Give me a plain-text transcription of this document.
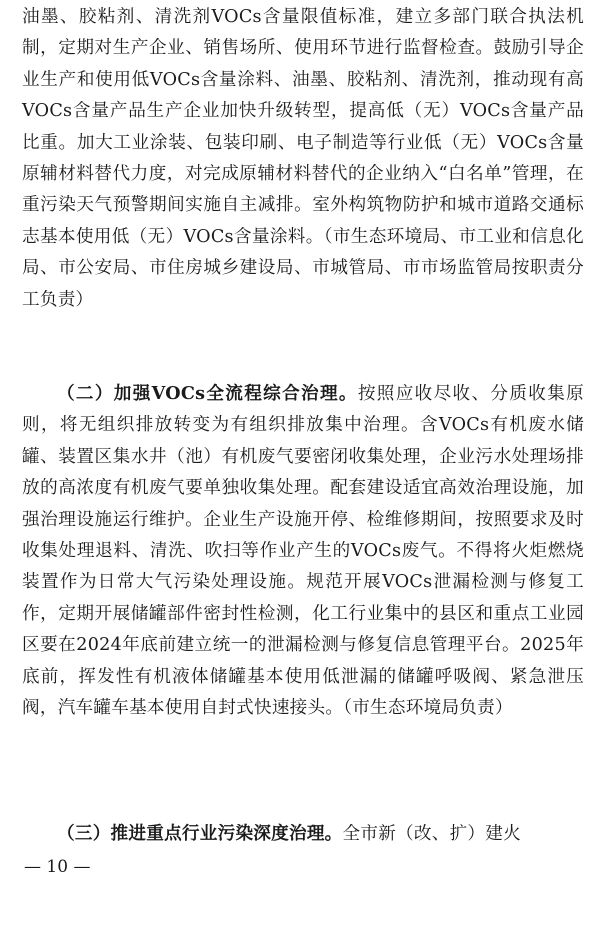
油墨、胶粘剂、清洗剂VOCs含量限值标准，建立多部门联合执法机制，定期对生产企业、销售场所、使用环节进行监督检查。鼓励引导企业生产和使用低VOCs含量涂料、油墨、胶粘剂、清洗剂，推动现有高VOCs含量产品生产企业加快升级转型，提高低（无）VOCs含量产品比重。加大工业涂装、包装印刷、电子制造等行业低（无）VOCs含量原辅材料替代力度，对完成原辅材料替代的企业纳入“白名单”管理，在重污染天气预警期间实施自主减排。室外构筑物防护和城市道路交通标志基本使用低（无）VOCs含量涂料。（市生态环境局、市工业和信息化局、市公安局、市住房城乡建设局、市城管局、市市场监管局按职责分工负责）

（二）加强VOCs全流程综合治理。按照应收尽收、分质收集原则，将无组织排放转变为有组织排放集中治理。含VOCs有机废水储罐、装置区集水井（池）有机废气要密闭收集处理，企业污水处理场排放的高浓度有机废气要单独收集处理。配套建设适宜高效治理设施，加强治理设施运行维护。企业生产设施开停、检维修期间，按照要求及时收集处理退料、清洗、吹扫等作业产生的VOCs废气。不得将火炬燃烧装置作为日常大气污染处理设施。规范开展VOCs泄漏检测与修复工作，定期开展储罐部件密封性检测，化工行业集中的县区和重点工业园区要在2024年底前建立统一的泄漏检测与修复信息管理平台。2025年底前，挥发性有机液体储罐基本使用低泄漏的储罐呼吸阀、紧急泄压阀，汽车罐车基本使用自封式快速接头。（市生态环境局负责）

（三）推进重点行业污染深度治理。全市新（改、扩）建火

— 10 —
